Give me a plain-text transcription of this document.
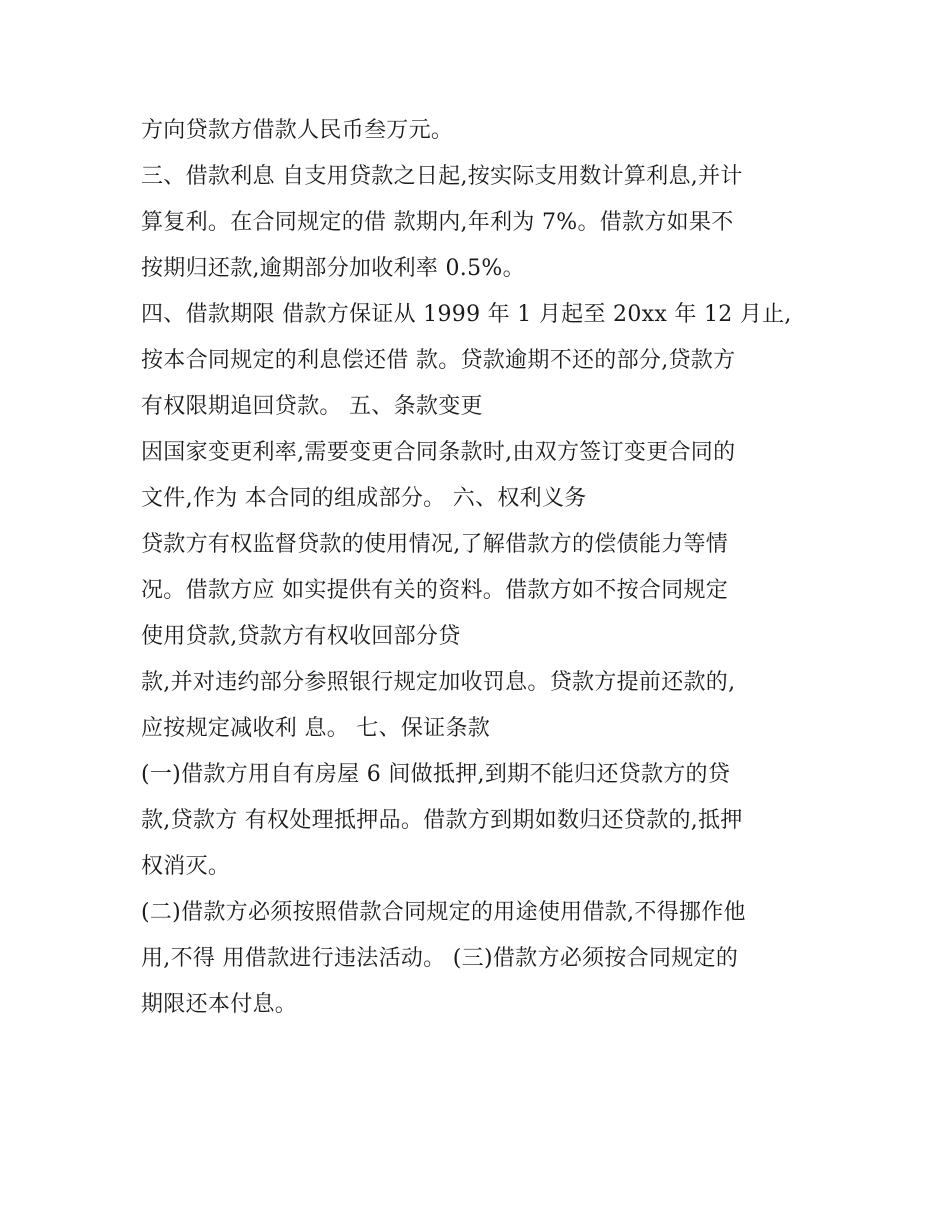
方向贷款方借款人民币叁万元。
三、借款利息 自支用贷款之日起,按实际支用数计算利息,并计
算复利。在合同规定的借 款期内,年利为 7%。借款方如果不
按期归还款,逾期部分加收利率 0.5%。
四、借款期限 借款方保证从 1999 年 1 月起至 20xx 年 12 月止,
按本合同规定的利息偿还借 款。贷款逾期不还的部分,贷款方
有权限期追回贷款。 五、条款变更
因国家变更利率,需要变更合同条款时,由双方签订变更合同的
文件,作为 本合同的组成部分。 六、权利义务
贷款方有权监督贷款的使用情况,了解借款方的偿债能力等情
况。借款方应 如实提供有关的资料。借款方如不按合同规定
使用贷款,贷款方有权收回部分贷
款,并对违约部分参照银行规定加收罚息。贷款方提前还款的,
应按规定减收利 息。 七、保证条款
(一)借款方用自有房屋 6 间做抵押,到期不能归还贷款方的贷
款,贷款方 有权处理抵押品。借款方到期如数归还贷款的,抵押
权消灭。
(二)借款方必须按照借款合同规定的用途使用借款,不得挪作他
用,不得 用借款进行违法活动。 (三)借款方必须按合同规定的
期限还本付息。
